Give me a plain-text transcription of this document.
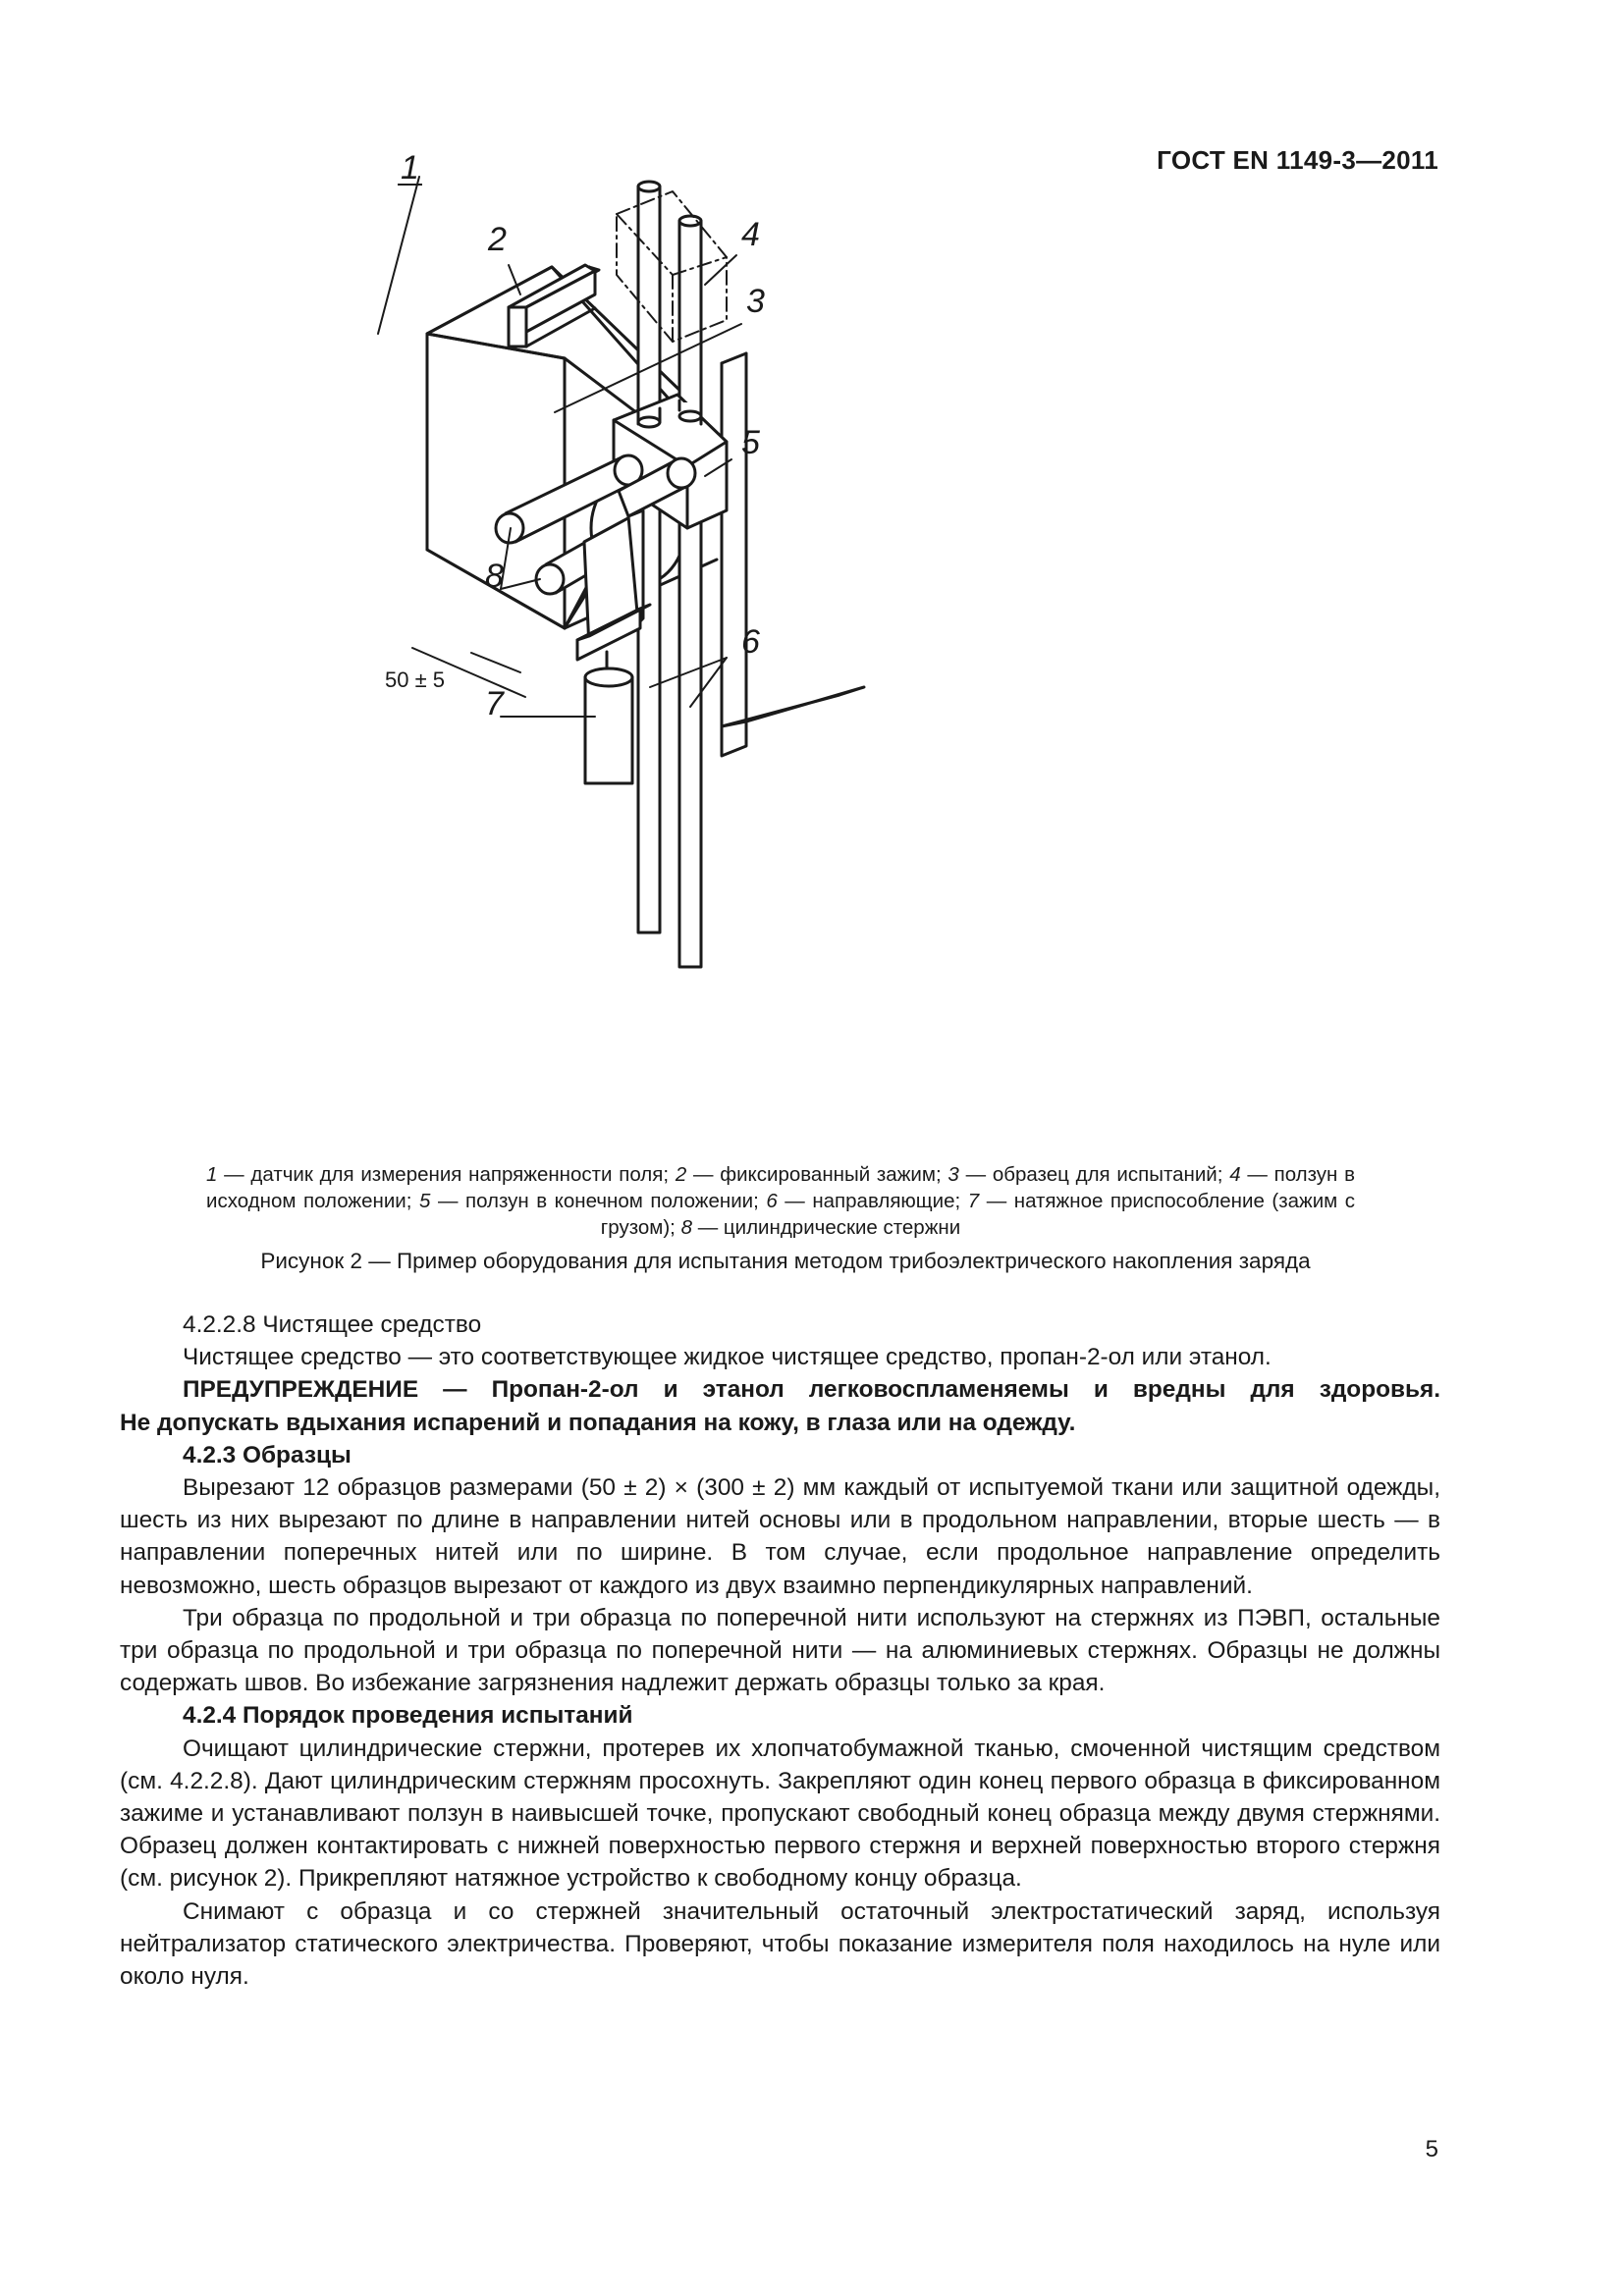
ГОСТ EN 1149-3—2011
1
2
3
4
5
6
7
8
50 ± 5
1 — датчик для измерения напряженности поля; 2 — фиксированный зажим; 3 — образец для испытаний; 4 — ползун в исходном положении; 5 — ползун в конечном положении; 6 — направляющие; 7 — натяжное приспособление (зажим с грузом); 8 — цилиндрические стержни
Рисунок 2 — Пример оборудования для испытания методом трибоэлектрического накопления заряда

4.2.2.8 Чистящее средство

Чистящее средство — это соответствующее жидкое чистящее средство, пропан-2-ол или этанол.

ПРЕДУПРЕЖДЕНИЕ — Пропан-2-ол и этанол легковоспламеняемы и вредны для здоровья.

Не допускать вдыхания испарений и попадания на кожу, в глаза или на одежду.

4.2.3 Образцы

Вырезают 12 образцов размерами (50 ± 2) × (300 ± 2) мм каждый от испытуемой ткани или защитной одежды, шесть из них вырезают по длине в направлении нитей основы или в продольном направлении, вторые шесть — в направлении поперечных нитей или по ширине. В том случае, если продольное направление определить невозможно, шесть образцов вырезают от каждого из двух взаимно перпендикулярных направлений.

Три образца по продольной и три образца по поперечной нити используют на стержнях из ПЭВП, остальные три образца по продольной и три образца по поперечной нити — на алюминиевых стержнях. Образцы не должны содержать швов. Во избежание загрязнения надлежит держать образцы только за края.

4.2.4 Порядок проведения испытаний

Очищают цилиндрические стержни, протерев их хлопчатобумажной тканью, смоченной чистящим средством (см. 4.2.2.8). Дают цилиндрическим стержням просохнуть. Закрепляют один конец первого образца в фиксированном зажиме и устанавливают ползун в наивысшей точке, пропускают свободный конец образца между двумя стержнями. Образец должен контактировать с нижней поверхностью первого стержня и верхней поверхностью второго стержня (см. рисунок 2). Прикрепляют натяжное устройство к свободному концу образца.

Снимают с образца и со стержней значительный остаточный электростатический заряд, используя нейтрализатор статического электричества. Проверяют, чтобы показание измерителя поля находилось на нуле или около нуля.

5
